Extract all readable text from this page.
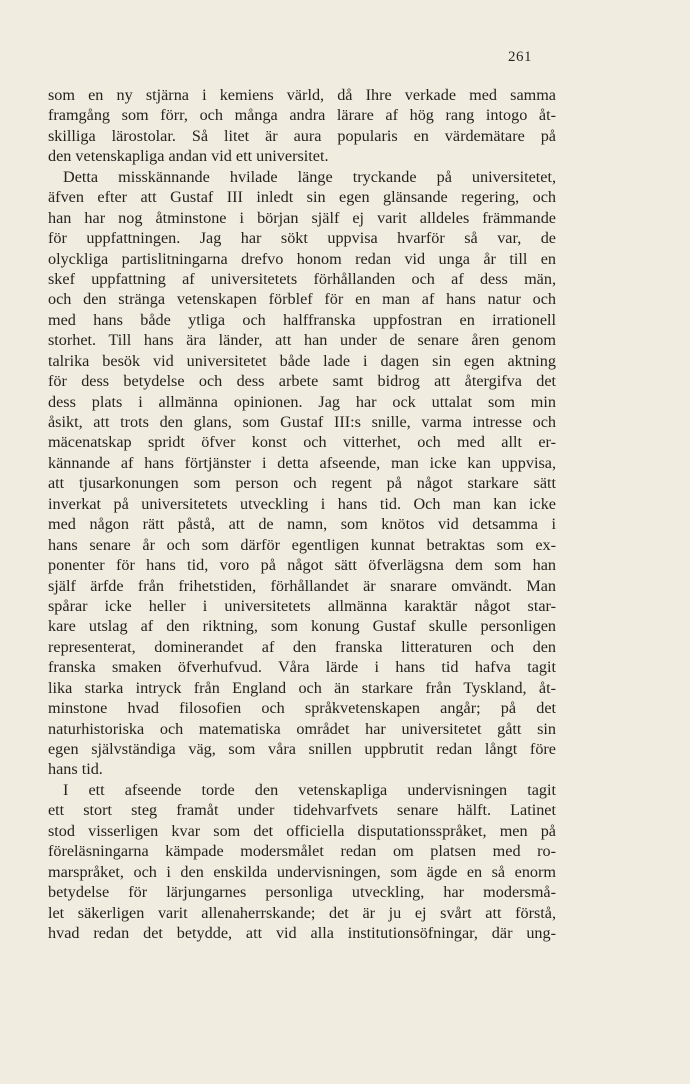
261
som en ny stjärna i kemiens värld, då Ihre verkade med samma
framgång som förr, och många andra lärare af hög rang intogo åt-
skilliga lärostolar. Så litet är aura popularis en värdemätare på
den vetenskapliga andan vid ett universitet.
Detta misskännande hvilade länge tryckande på universitetet,
äfven efter att Gustaf III inledt sin egen glänsande regering, och
han har nog åtminstone i början själf ej varit alldeles främmande
för uppfattningen. Jag har sökt uppvisa hvarför så var, de
olyckliga partislitningarna drefvo honom redan vid unga år till en
skef uppfattning af universitetets förhållanden och af dess män,
och den stränga vetenskapen förblef för en man af hans natur och
med hans både ytliga och halffranska uppfostran en irrationell
storhet. Till hans ära länder, att han under de senare åren genom
talrika besök vid universitetet både lade i dagen sin egen aktning
för dess betydelse och dess arbete samt bidrog att återgifva det
dess plats i allmänna opinionen. Jag har ock uttalat som min
åsikt, att trots den glans, som Gustaf III:s snille, varma intresse och
mäcenatskap spridt öfver konst och vitterhet, och med allt er-
kännande af hans förtjänster i detta afseende, man icke kan uppvisa,
att tjusarkonungen som person och regent på något starkare sätt
inverkat på universitetets utveckling i hans tid. Och man kan icke
med någon rätt påstå, att de namn, som knötos vid detsamma i
hans senare år och som därför egentligen kunnat betraktas som ex-
ponenter för hans tid, voro på något sätt öfverlägsna dem som han
själf ärfde från frihetstiden, förhållandet är snarare omvändt. Man
spårar icke heller i universitetets allmänna karaktär något star-
kare utslag af den riktning, som konung Gustaf skulle personligen
representerat, dominerandet af den franska litteraturen och den
franska smaken öfverhufvud. Våra lärde i hans tid hafva tagit
lika starka intryck från England och än starkare från Tyskland, åt-
minstone hvad filosofien och språkvetenskapen angår; på det
naturhistoriska och matematiska området har universitetet gått sin
egen självständiga väg, som våra snillen uppbrutit redan långt före
hans tid.
I ett afseende torde den vetenskapliga undervisningen tagit
ett stort steg framåt under tidehvarfvets senare hälft. Latinet
stod visserligen kvar som det officiella disputationsspråket, men på
föreläsningarna kämpade modersmålet redan om platsen med ro-
marspråket, och i den enskilda undervisningen, som ägde en så enorm
betydelse för lärjungarnes personliga utveckling, har modersmå-
let säkerligen varit allenaherrskande; det är ju ej svårt att förstå,
hvad redan det betydde, att vid alla institutionsöfningar, där ung-
